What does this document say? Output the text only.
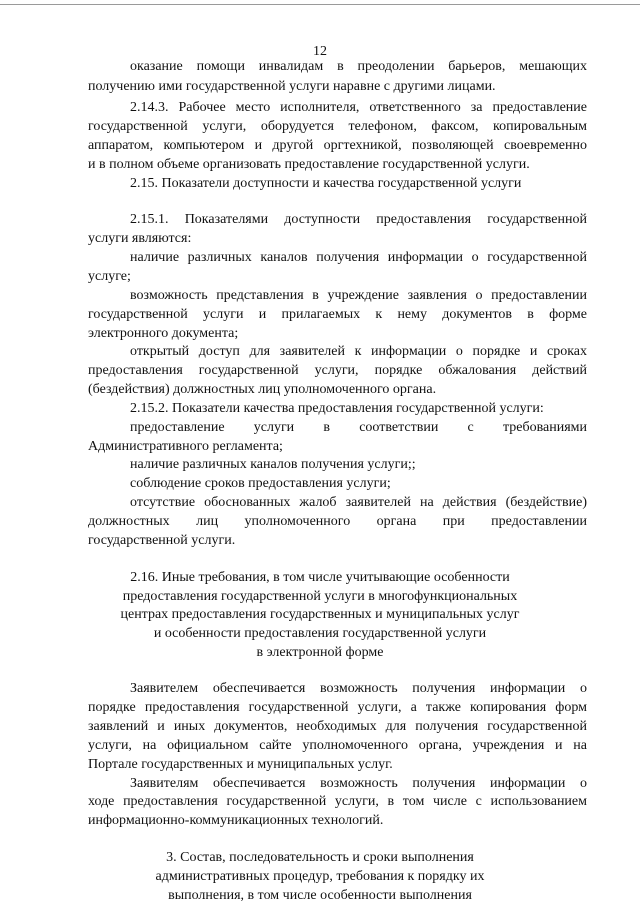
12
оказание помощи инвалидам в преодолении барьеров, мешающих
получению ими государственной услуги наравне с другими лицами.
2.14.3. Рабочее место исполнителя, ответственного за предоставление
государственной услуги, оборудуется телефоном, факсом, копировальным
аппаратом, компьютером и другой оргтехникой, позволяющей своевременно
и в полном объеме организовать предоставление государственной услуги.
2.15. Показатели доступности и качества государственной услуги
2.15.1. Показателями доступности предоставления государственной
услуги являются:
наличие различных каналов получения информации о государственной
услуге;
возможность представления в учреждение заявления о предоставлении
государственной услуги и прилагаемых к нему документов в форме
электронного документа;
открытый доступ для заявителей к информации о порядке и сроках
предоставления государственной услуги, порядке обжалования действий
(бездействия) должностных лиц уполномоченного органа.
2.15.2. Показатели качества предоставления государственной услуги:
предоставление услуги в соответствии с требованиями
Административного регламента;
наличие различных каналов получения услуги;;
соблюдение сроков предоставления услуги;
отсутствие обоснованных жалоб заявителей на действия (бездействие)
должностных лиц уполномоченного органа при предоставлении
государственной услуги.
2.16. Иные требования, в том числе учитывающие особенности
предоставления государственной услуги в многофункциональных
центрах предоставления государственных и муниципальных услуг
и особенности предоставления государственной услуги
в электронной форме
Заявителем обеспечивается возможность получения информации о
порядке предоставления государственной услуги, а также копирования форм
заявлений и иных документов, необходимых для получения государственной
услуги, на официальном сайте уполномоченного органа, учреждения и на
Портале государственных и муниципальных услуг.
Заявителям обеспечивается возможность получения информации о
ходе предоставления государственной услуги, в том числе с использованием
информационно-коммуникационных технологий.
3. Состав, последовательность и сроки выполнения
административных процедур, требования к порядку их
выполнения, в том числе особенности выполнения
